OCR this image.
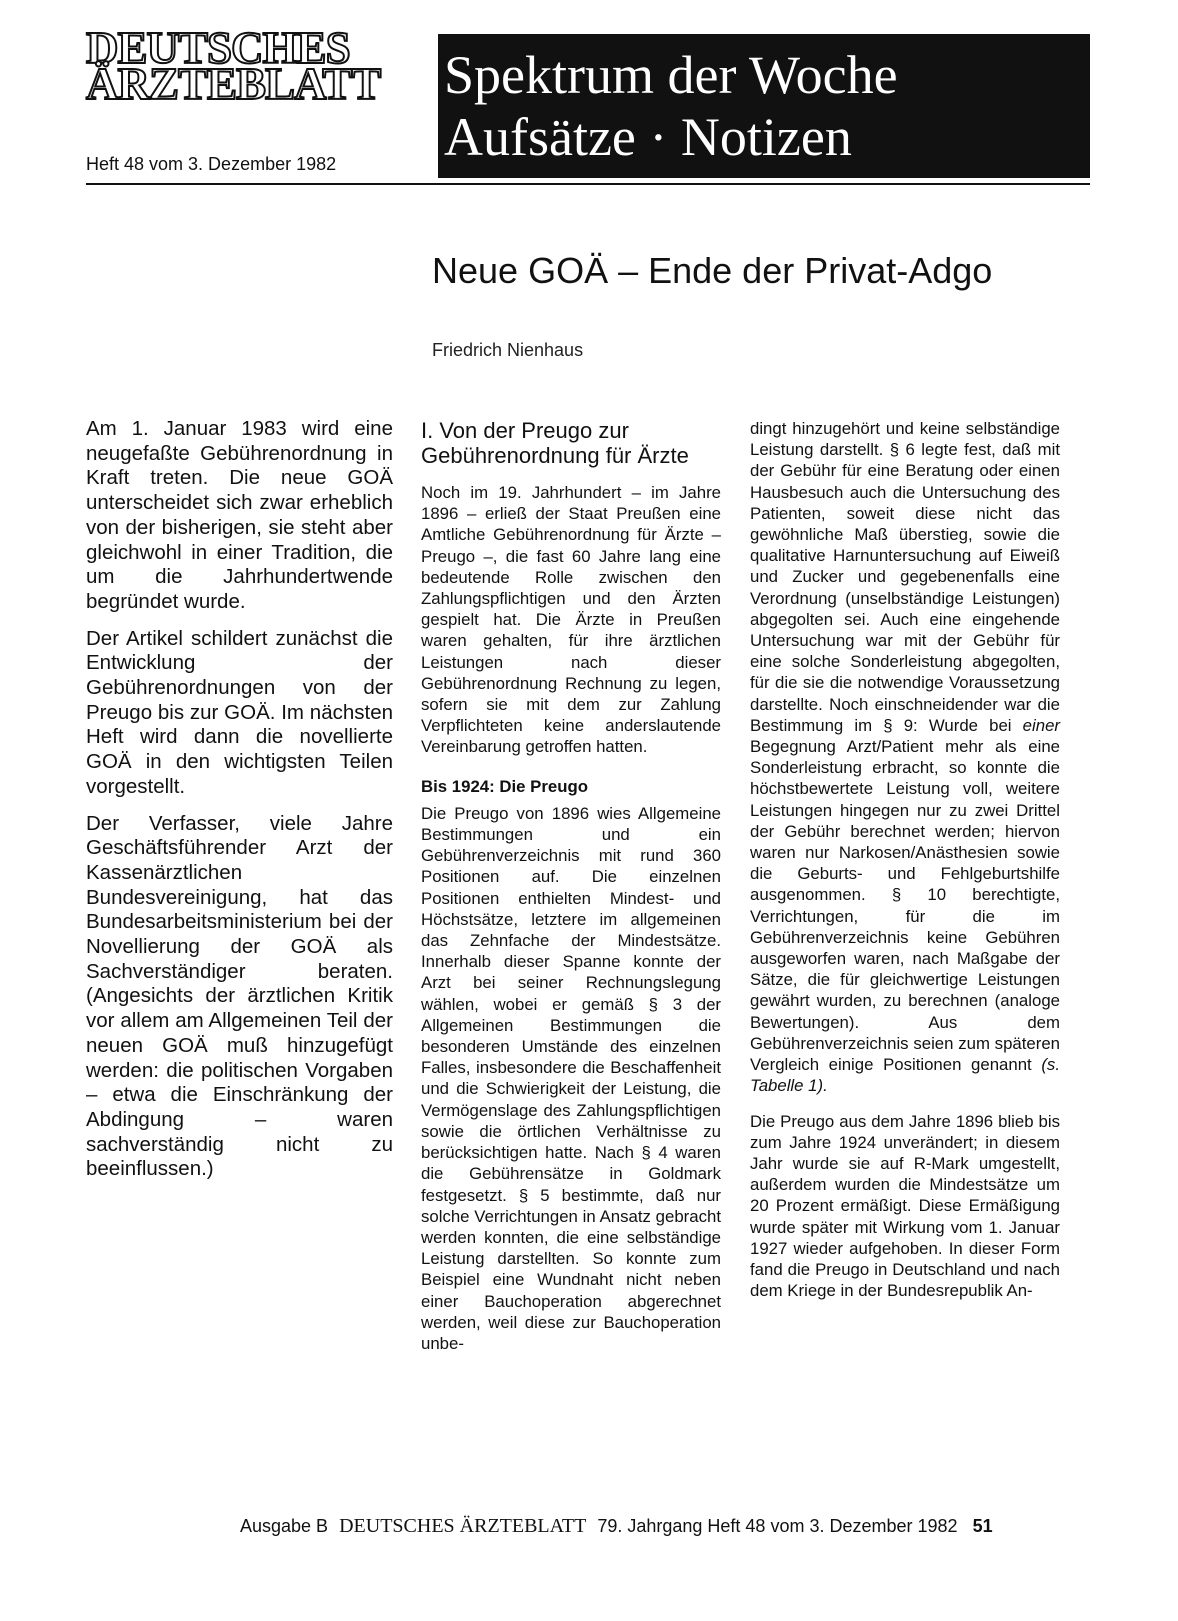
DEUTSCHES
ÄRZTEBLATT
Heft 48 vom 3. Dezember 1982
Spektrum der Woche
Aufsätze · Notizen
Neue GOÄ – Ende der Privat-Adgo
Friedrich Nienhaus

Am 1. Januar 1983 wird eine neugefaßte Gebührenordnung in Kraft treten. Die neue GOÄ unterscheidet sich zwar erheblich von der bisherigen, sie steht aber gleichwohl in einer Tradition, die um die Jahrhundertwende begründet wurde.

Der Artikel schildert zunächst die Entwicklung der Gebührenordnungen von der Preugo bis zur GOÄ. Im nächsten Heft wird dann die novellierte GOÄ in den wichtigsten Teilen vorgestellt.

Der Verfasser, viele Jahre Geschäftsführender Arzt der Kassenärztlichen Bundesvereinigung, hat das Bundesarbeitsministerium bei der Novellierung der GOÄ als Sachverständiger beraten. (Angesichts der ärztlichen Kritik vor allem am Allgemeinen Teil der neuen GOÄ muß hinzugefügt werden: die politischen Vorgaben – etwa die Einschränkung der Abdingung – waren sachverständig nicht zu beeinflussen.)

I. Von der Preugo zur Gebührenordnung für Ärzte

Noch im 19. Jahrhundert – im Jahre 1896 – erließ der Staat Preußen eine Amtliche Gebührenordnung für Ärzte – Preugo –, die fast 60 Jahre lang eine bedeutende Rolle zwischen den Zahlungspflichtigen und den Ärzten gespielt hat. Die Ärzte in Preußen waren gehalten, für ihre ärztlichen Leistungen nach dieser Gebührenordnung Rechnung zu legen, sofern sie mit dem zur Zahlung Verpflichteten keine anderslautende Vereinbarung getroffen hatten.

Bis 1924: Die Preugo

Die Preugo von 1896 wies Allgemeine Bestimmungen und ein Gebührenverzeichnis mit rund 360 Positionen auf. Die einzelnen Positionen enthielten Mindest- und Höchstsätze, letztere im allgemeinen das Zehnfache der Mindestsätze. Innerhalb dieser Spanne konnte der Arzt bei seiner Rechnungslegung wählen, wobei er gemäß § 3 der Allgemeinen Bestimmungen die besonderen Umstände des einzelnen Falles, insbesondere die Beschaffenheit und die Schwierigkeit der Leistung, die Vermögenslage des Zahlungspflichtigen sowie die örtlichen Verhältnisse zu berücksichtigen hatte. Nach § 4 waren die Gebührensätze in Goldmark festgesetzt. § 5 bestimmte, daß nur solche Verrichtungen in Ansatz gebracht werden konnten, die eine selbständige Leistung darstellten. So konnte zum Beispiel eine Wundnaht nicht neben einer Bauchoperation abgerechnet werden, weil diese zur Bauchoperation unbe-

dingt hinzugehört und keine selbständige Leistung darstellt. § 6 legte fest, daß mit der Gebühr für eine Beratung oder einen Hausbesuch auch die Untersuchung des Patienten, soweit diese nicht das gewöhnliche Maß überstieg, sowie die qualitative Harnuntersuchung auf Eiweiß und Zucker und gegebenenfalls eine Verordnung (unselbständige Leistungen) abgegolten sei. Auch eine eingehende Untersuchung war mit der Gebühr für eine solche Sonderleistung abgegolten, für die sie die notwendige Voraussetzung darstellte. Noch einschneidender war die Bestimmung im § 9: Wurde bei einer Begegnung Arzt/Patient mehr als eine Sonderleistung erbracht, so konnte die höchstbewertete Leistung voll, weitere Leistungen hingegen nur zu zwei Drittel der Gebühr berechnet werden; hiervon waren nur Narkosen/Anästhesien sowie die Geburts- und Fehlgeburtshilfe ausgenommen. § 10 berechtigte, Verrichtungen, für die im Gebührenverzeichnis keine Gebühren ausgeworfen waren, nach Maßgabe der Sätze, die für gleichwertige Leistungen gewährt wurden, zu berechnen (analoge Bewertungen). Aus dem Gebührenverzeichnis seien zum späteren Vergleich einige Positionen genannt (s. Tabelle 1).

Die Preugo aus dem Jahre 1896 blieb bis zum Jahre 1924 unverändert; in diesem Jahr wurde sie auf R-Mark umgestellt, außerdem wurden die Mindestsätze um 20 Prozent ermäßigt. Diese Ermäßigung wurde später mit Wirkung vom 1. Januar 1927 wieder aufgehoben. In dieser Form fand die Preugo in Deutschland und nach dem Kriege in der Bundesrepublik An-

Ausgabe B DEUTSCHES ÄRZTEBLATT 79. Jahrgang Heft 48 vom 3. Dezember 1982 51
